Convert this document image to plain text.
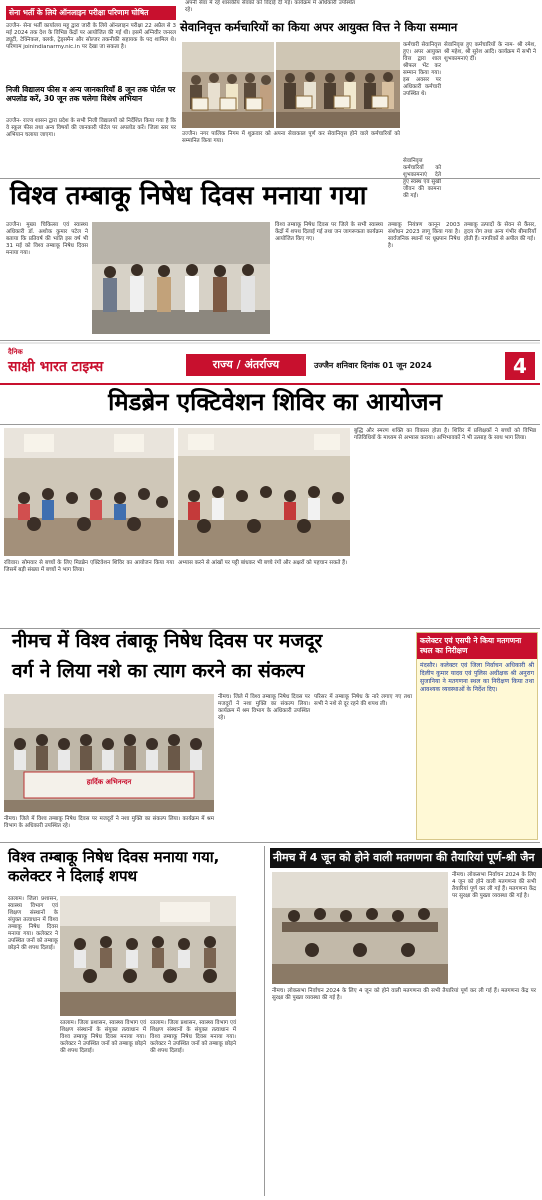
सेना भर्ती के लिये ऑनलाइन परीक्षा परिणाम घोषित
उज्जैन- सेना भर्ती कार्यालय महू द्वारा जारी के लिये ऑनलाइन परीक्षा 22 अप्रैल से 3 मई 2024 तक देश के विभिन्न केंद्रों पर आयोजित की गई थी। इसमें अग्निवीर जनरल ड्यूटी, टेक्निकल, क्लर्क, ट्रेड्समैन और सोल्जर तकनीकी सहायक के पद शामिल थे। परिणाम joinindianarmy.nic.in पर देखा जा सकता है।
निजी विद्यालय फीस व अन्य जानकारियाँ 8 जून तक पोर्टल पर अपलोड करें, 30 जून तक चलेगा विशेष अभियान
उज्जैन- राज्य शासन द्वारा प्रदेश के सभी निजी विद्यालयों को निर्देशित किया गया है कि वे स्कूल फीस तथा अन्य विषयों की जानकारी पोर्टल पर अपलोड करें। जिला स्तर पर अभियान चलाया जाएगा।
अपनी सेवा में रहे शासकीय सेवकों को विदाई दी गई। कार्यक्रम में अधिकारी उपस्थित रहे।
सेवानिवृत्त कर्मचारियों का किया अपर आयुक्त वित्त ने किया सम्मान
कर्मचारी सेवानिवृत्त हुए। अपर आयुक्त वित्त द्वारा शाल श्रीफल भेंट कर सम्मान किया गया। इस अवसर पर अधिकारी कर्मचारी उपस्थित थे।
सेवानिवृत्त हुए कर्मचारियों के नाम- श्री रमेश, श्री महेश, श्री सुरेश आदि। कार्यक्रम में सभी ने शुभकामनाएं दीं।
उज्जैन। नगर पालिक निगम में शुक्रवार को अपना सेवाकाल पूर्ण कर सेवानिवृत्त होने वाले कर्मचारियों को सम्मानित किया गया।
सेवानिवृत्त कर्मचारियों को शुभकामनाएं देते हुए स्वस्थ एवं सुखी जीवन की कामना की गई।
विश्व तम्बाकू निषेध दिवस मनाया गया
उज्जैन। मुख्य चिकित्सा एवं स्वास्थ्य अधिकारी डॉ. अशोक कुमार पटेल ने बताया कि प्रतिवर्ष की भांति इस वर्ष भी 31 मई को विश्व तम्बाकू निषेध दिवस मनाया गया।
विश्व तम्बाकू निषेध दिवस पर जिले के सभी स्वास्थ्य केंद्रों में शपथ दिलाई गई तथा जन जागरूकता कार्यक्रम आयोजित किए गए।
तम्बाकू नियंत्रण कानून 2003 संशोधन 2023 लागू किया गया है। सार्वजनिक स्थानों पर धूम्रपान निषेध है।
तम्बाकू उत्पादों के सेवन से कैंसर, हृदय रोग तथा अन्य गंभीर बीमारियाँ होती हैं। नागरिकों से अपील की गई।
दैनिक
साक्षी भारत टाइम्स	राज्य / अंतर्राज्य	उज्जैन शनिवार दिनांक 01 जून 2024	4
मिडब्रेन एक्टिवेशन शिविर का आयोजन
बुद्धि और स्मरण शक्ति का विकास होता है। शिविर में प्रशिक्षकों ने बच्चों को विभिन्न गतिविधियों के माध्यम से अभ्यास कराया। अभिभावकों ने भी उत्साह के साथ भाग लिया।
रविवार। सोमवार से बच्चों के लिए मिडब्रेन एक्टिवेशन शिविर का आयोजन किया गया जिसमें बड़ी संख्या में बच्चों ने भाग लिया।
अभ्यास करने से आंखों पर पट्टी बांधकर भी बच्चे रंगों और अक्षरों को पहचान सकते हैं।
नीमच में विश्व तंबाकू निषेध दिवस पर मजदूर
वर्ग ने लिया नशे का त्याग करने का संकल्प
हार्दिक अभिनन्दन
नीमच। जिले में विश्व तम्बाकू निषेध दिवस पर मजदूरों ने नशा मुक्ति का संकल्प लिया। कार्यक्रम में श्रम विभाग के अधिकारी उपस्थित रहे।
परिसर में तम्बाकू निषेध के नारे लगाए गए तथा सभी ने नशे से दूर रहने की शपथ ली।
नीमच। जिले में विश्व तम्बाकू निषेध दिवस पर मजदूरों ने नशा मुक्ति का संकल्प लिया। कार्यक्रम में श्रम विभाग के अधिकारी उपस्थित रहे।
कलेक्टर एवं एसपी ने किया मतगणना स्थल का निरीक्षण
मंदसौर। कलेक्टर एवं जिला निर्वाचन अधिकारी श्री दिलीप कुमार यादव एवं पुलिस अधीक्षक श्री अनुराग सुजानिया ने मतगणना स्थल का निरीक्षण किया तथा आवश्यक व्यवस्थाओं के निर्देश दिए।
विश्व तम्बाकू निषेध दिवस मनाया गया, कलेक्टर ने दिलाई शपथ
रतलाम। जिला प्रशासन, स्वास्थ्य विभाग एवं शिक्षण संस्थानों के संयुक्त तत्वाधान में विश्व तम्बाकू निषेध दिवस मनाया गया। कलेक्टर ने उपस्थित जनों को तम्बाकू छोड़ने की शपथ दिलाई।
रतलाम। जिला प्रशासन, स्वास्थ्य विभाग एवं शिक्षण संस्थानों के संयुक्त तत्वाधान में विश्व तम्बाकू निषेध दिवस मनाया गया। कलेक्टर ने उपस्थित जनों को तम्बाकू छोड़ने की शपथ दिलाई।
रतलाम। जिला प्रशासन, स्वास्थ्य विभाग एवं शिक्षण संस्थानों के संयुक्त तत्वाधान में विश्व तम्बाकू निषेध दिवस मनाया गया। कलेक्टर ने उपस्थित जनों को तम्बाकू छोड़ने की शपथ दिलाई।
नीमच में 4 जून को होने वाली मतगणना की तैयारियां पूर्ण-श्री जैन
नीमच। लोकसभा निर्वाचन 2024 के लिए 4 जून को होने वाली मतगणना की सभी तैयारियां पूर्ण कर ली गई हैं। मतगणना केंद्र पर सुरक्षा की पुख्ता व्यवस्था की गई है।
नीमच। लोकसभा निर्वाचन 2024 के लिए 4 जून को होने वाली मतगणना की सभी तैयारियां पूर्ण कर ली गई हैं। मतगणना केंद्र पर सुरक्षा की पुख्ता व्यवस्था की गई है।
